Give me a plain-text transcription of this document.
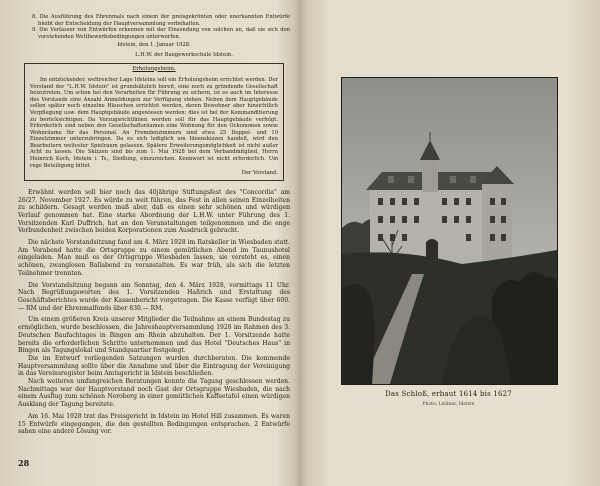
8. Die Ausführung des Ehrenmals nach einem der preisgekrönten oder unerkannten Entwürfe bleibt der Entscheidung der Hauptversammlung vorbehalten.

9. Die Verfasser von Entwürfen erkennen mit der Einsendung von solchen an, daß sie sich den vorstehenden Wettbewerbsbedingungen unterwerfen.

Idstein, den 1. Januar 1928.

L.H.W. der Baugewerkschule Idstein.

Erholungsheim.

Im entzückender, weltreicher Lage Idsteins soll ein Erholungsheim errichtet werden. Der Vorstand der "L.H.W. Idstein" ist grundsätzlich bereit, eine noch zu gründende Gesellschaft beizutreten. Um schon bei den Verarbeiten für Führung zu sichern, ist es auch im Interesse des Vorstands eine Anzahl Anmeldungen zur Verfügung stehen. Neben dem Hauptgebäude sollen später noch einzelne Häuschen errichtet werden, deren Bewohner aber hinsichtlich Verpflegung usw. dem Hauptgebäude angewiesen werden; dies ist bei der Kommanditierung zu berücksichtigen. Da Vorzugsrichtlinien werden soll für das Hauptgebäude verfolgt. Erforderlich sind neben den Gesellschaftsräumen eine Wohnung für den Ockonomen sowie Wohnräume für das Personal. An Fremdenzimmern sind etwa 25 Doppel- und 10 Einzelzimmer unterzubringen. Da es sich lediglich um Ideenskizzen handelt, wird den Bearbeitern weitester Spielraum gelassen. Spätere Erweiterungsmöglichkeit ist nicht außer Acht zu lassen. Die Skizzen sind bis zum 1. Mai 1928 bei dem Verbandmitglied, Herrn Heinrich Koch, Idstein i. Ts., Siedlung, einzureichen. Kennwort ist nicht erforderlich. Um rege Beteiligung bittet

Der Vorstand.

Erwähnt werden soll hier noch das 40jährige Stiftungsfest des "Concordia" am 26/27. November 1927. Es würde zu weit führen, das Fest in allen seinen Einzelheiten zu schildern. Gesagt werden muß aber, daß es einen sehr schönen und würdigen Verlauf genommen hat. Eine starke Abordnung der L.H.W. unter Führung des 1. Vorsitzenden Karl Duffrich, hat an den Veranstaltungen teilgenommen und die enge Verbundenheit zwischen beiden Korporationen zum Ausdruck gebracht.

Die nächste Vorstandsitzung fand am 4. März 1928 im Ratskeller in Wiesbaden statt. Am Vorabend hatte die Ortsgruppe zu einem gemütlichen Abend im Taunushotel eingeladen. Man muß es der Ortsgruppe Wiesbaden lassen, sie versteht es, einen schönen, zwanglosen Ballabend zu veranstalten. Es war früh, als sich die letzten Teilnehmer trennten.

Die Vorstandsitzung begann am Sonntag, den 4. März 1928, vormittags 11 Uhr. Nach Begrüßungsworten des 1. Vorsitzenden Haßrich und Erstattung des Geschäftsberichtes wurde der Kassenbericht vorgetragen. Die Kasse verfügt über 600.— RM und der Ehrenmalfonds über 830.— RM.

Um einem größeren Kreis unserer Mitglieder die Teilnahme an einem Bundestag zu ermöglichen, wurde beschlossen, die Jahreshauptversammlung 1928 im Rahmen des 3. Deutschen Baufachtages in Bingen am Rhein abzuhalten. Der 1. Vorsitzende hatte bereits die erforderlichen Schritte unternommen und das Hotel "Deutsches Haus" in Bingen als Tagungslokal und Standquartier festgelegt.

Die im Entwurf vorliegenden Satzungen wurden durchberaten. Die kommende Hauptversammlung sollte über die Annahme und über die Eintragung der Vereinigung in das Vereinsregister beim Amtsgericht in Idstein beschließen.

Nach weiteren umfangreichen Beratungen konnte die Tagung geschlossen werden. Nachmittags war der Hauptvorstand noch Gast der Ortsgruppe Wiesbaden, die nach einem Ausflug zum schönen Neroberg in einer gemütlichen Kaffeetafel einen würdigen Ausklang der Tagung bereitete.

Am 16. Mai 1928 trat das Preisgericht in Idstein im Hotel Hill zusammen. Es waren 15 Entwürfe eingegangen, die den gestellten Bedingungen entsprachen. 2 Entwürfe sahen eine andere Lösung vor.

28
Das Schloß, erbaut 1614 bis 1627
Photo: Leidner, Idstein
